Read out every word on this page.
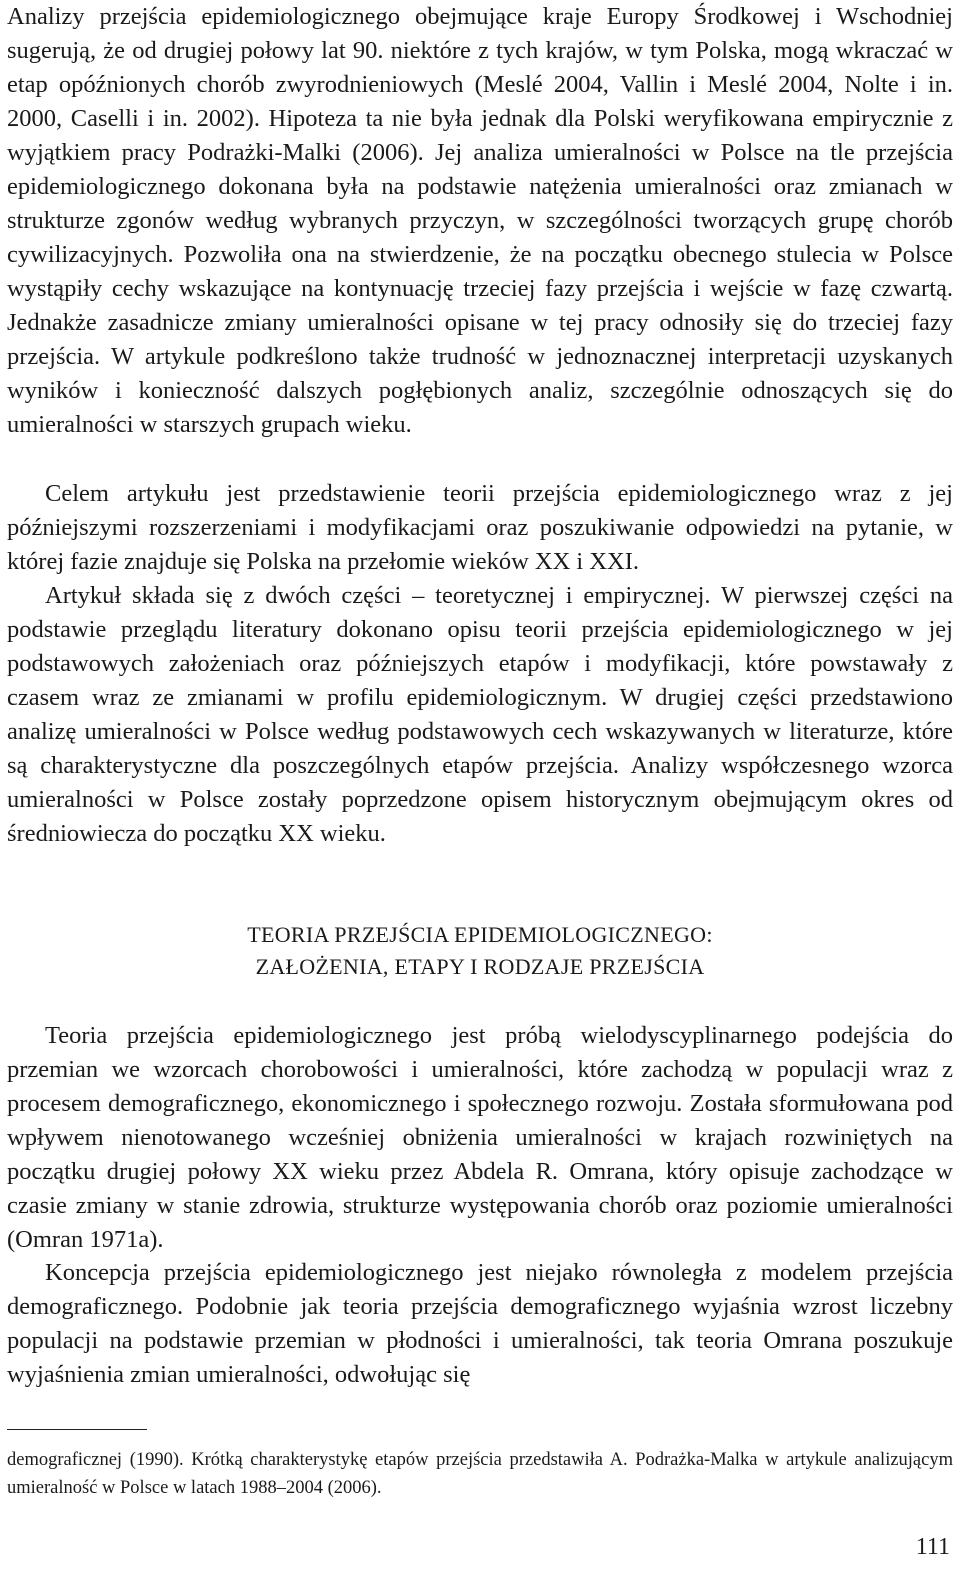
Analizy przejścia epidemiologicznego obejmujące kraje Europy Środkowej i Wschodniej sugerują, że od drugiej połowy lat 90. niektóre z tych krajów, w tym Polska, mogą wkraczać w etap opóźnionych chorób zwyrodnieniowych (Meslé 2004, Vallin i Meslé 2004, Nolte i in. 2000, Caselli i in. 2002). Hipoteza ta nie była jednak dla Polski weryfikowana empirycznie z wyjątkiem pracy Podrażki-Malki (2006). Jej analiza umieralności w Polsce na tle przejścia epidemiologicznego dokonana była na podstawie natężenia umieralności oraz zmianach w strukturze zgonów według wybranych przyczyn, w szczególności tworzących grupę chorób cywilizacyjnych. Pozwoliła ona na stwierdzenie, że na początku obecnego stulecia w Polsce wystąpiły cechy wskazujące na kontynuację trzeciej fazy przejścia i wejście w fazę czwartą. Jednakże zasadnicze zmiany umieralności opisane w tej pracy odnosiły się do trzeciej fazy przejścia. W artykule podkreślono także trudność w jednoznacznej interpretacji uzyskanych wyników i konieczność dalszych pogłębionych analiz, szczególnie odnoszących się do umieralności w starszych grupach wieku.

Celem artykułu jest przedstawienie teorii przejścia epidemiologicznego wraz z jej późniejszymi rozszerzeniami i modyfikacjami oraz poszukiwanie odpowiedzi na pytanie, w której fazie znajduje się Polska na przełomie wieków XX i XXI.

Artykuł składa się z dwóch części – teoretycznej i empirycznej. W pierwszej części na podstawie przeglądu literatury dokonano opisu teorii przejścia epidemiologicznego w jej podstawowych założeniach oraz późniejszych etapów i modyfikacji, które powstawały z czasem wraz ze zmianami w profilu epidemiologicznym. W drugiej części przedstawiono analizę umieralności w Polsce według podstawowych cech wskazywanych w literaturze, które są charakterystyczne dla poszczególnych etapów przejścia. Analizy współczesnego wzorca umieralności w Polsce zostały poprzedzone opisem historycznym obejmującym okres od średniowiecza do początku XX wieku.

TEORIA PRZEJŚCIA EPIDEMIOLOGICZNEGO:
ZAŁOŻENIA, ETAPY I RODZAJE PRZEJŚCIA

Teoria przejścia epidemiologicznego jest próbą wielodyscyplinarnego podejścia do przemian we wzorcach chorobowości i umieralności, które zachodzą w populacji wraz z procesem demograficznego, ekonomicznego i społecznego rozwoju. Została sformułowana pod wpływem nienotowanego wcześniej obniżenia umieralności w krajach rozwiniętych na początku drugiej połowy XX wieku przez Abdela R. Omrana, który opisuje zachodzące w czasie zmiany w stanie zdrowia, strukturze występowania chorób oraz poziomie umieralności (Omran 1971a).

Koncepcja przejścia epidemiologicznego jest niejako równoległa z modelem przejścia demograficznego. Podobnie jak teoria przejścia demograficznego wyjaśnia wzrost liczebny populacji na podstawie przemian w płodności i umieralności, tak teoria Omrana poszukuje wyjaśnienia zmian umieralności, odwołując się

demograficznej (1990). Krótką charakterystykę etapów przejścia przedstawiła A. Podrażka-Malka w artykule analizującym umieralność w Polsce w latach 1988–2004 (2006).

111
